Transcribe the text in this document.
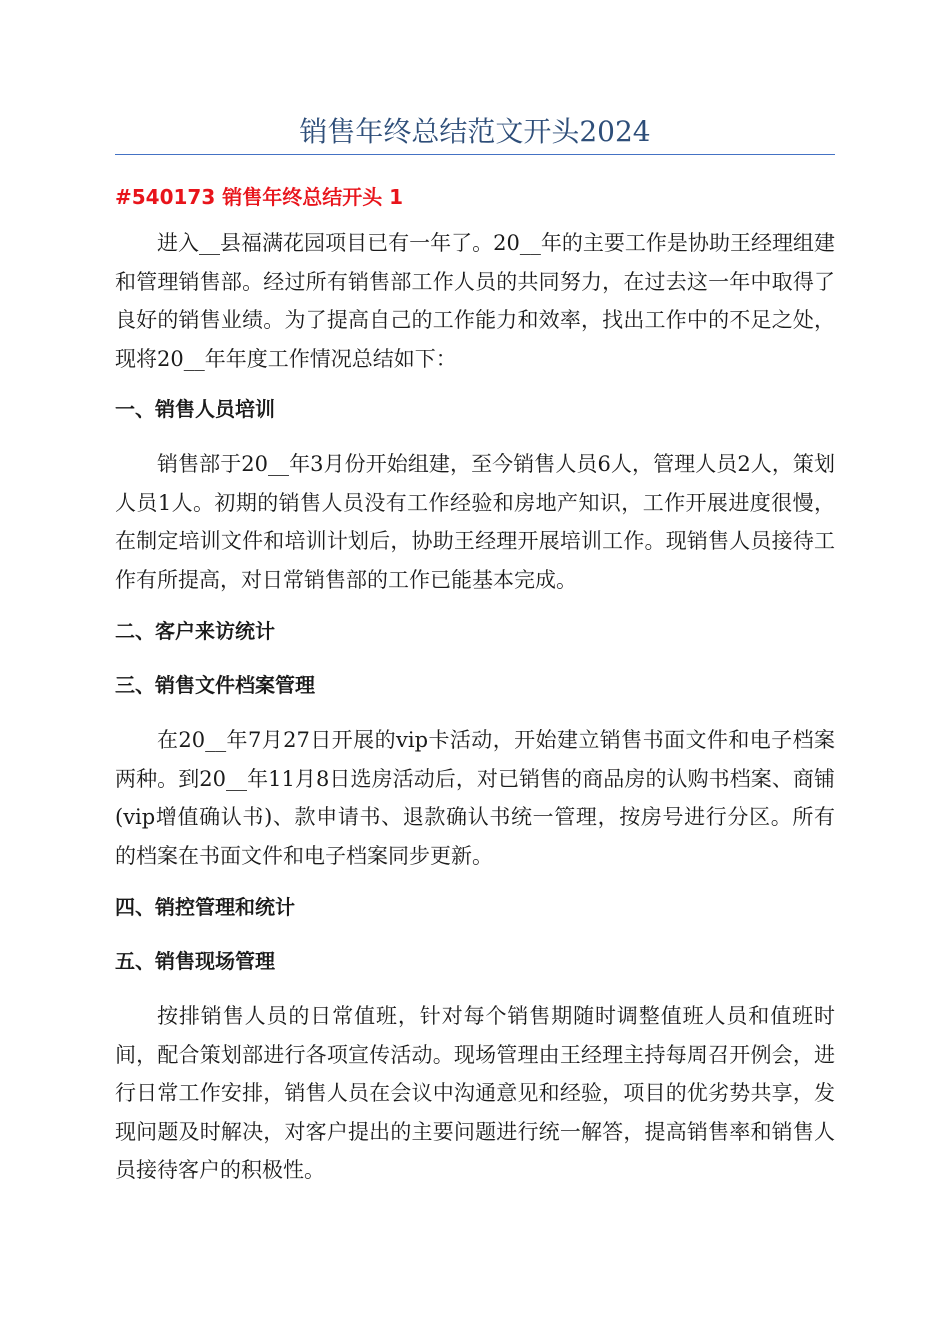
销售年终总结范文开头2024
#540173 销售年终总结开头 1

进入__县福满花园项目已有一年了。20__年的主要工作是协助王经理组建和管理销售部。经过所有销售部工作人员的共同努力，在过去这一年中取得了良好的销售业绩。为了提高自己的工作能力和效率，找出工作中的不足之处，现将20__年年度工作情况总结如下：

一、销售人员培训

销售部于20__年3月份开始组建，至今销售人员6人，管理人员2人，策划人员1人。初期的销售人员没有工作经验和房地产知识，工作开展进度很慢，在制定培训文件和培训计划后，协助王经理开展培训工作。现销售人员接待工作有所提高，对日常销售部的工作已能基本完成。

二、客户来访统计
三、销售文件档案管理

在20__年7月27日开展的vip卡活动，开始建立销售书面文件和电子档案两种。到20__年11月8日选房活动后，对已销售的商品房的认购书档案、商铺(vip增值确认书)、款申请书、退款确认书统一管理，按房号进行分区。所有的档案在书面文件和电子档案同步更新。

四、销控管理和统计
五、销售现场管理

按排销售人员的日常值班，针对每个销售期随时调整值班人员和值班时间，配合策划部进行各项宣传活动。现场管理由王经理主持每周召开例会，进行日常工作安排，销售人员在会议中沟通意见和经验，项目的优劣势共享，发现问题及时解决，对客户提出的主要问题进行统一解答，提高销售率和销售人员接待客户的积极性。
